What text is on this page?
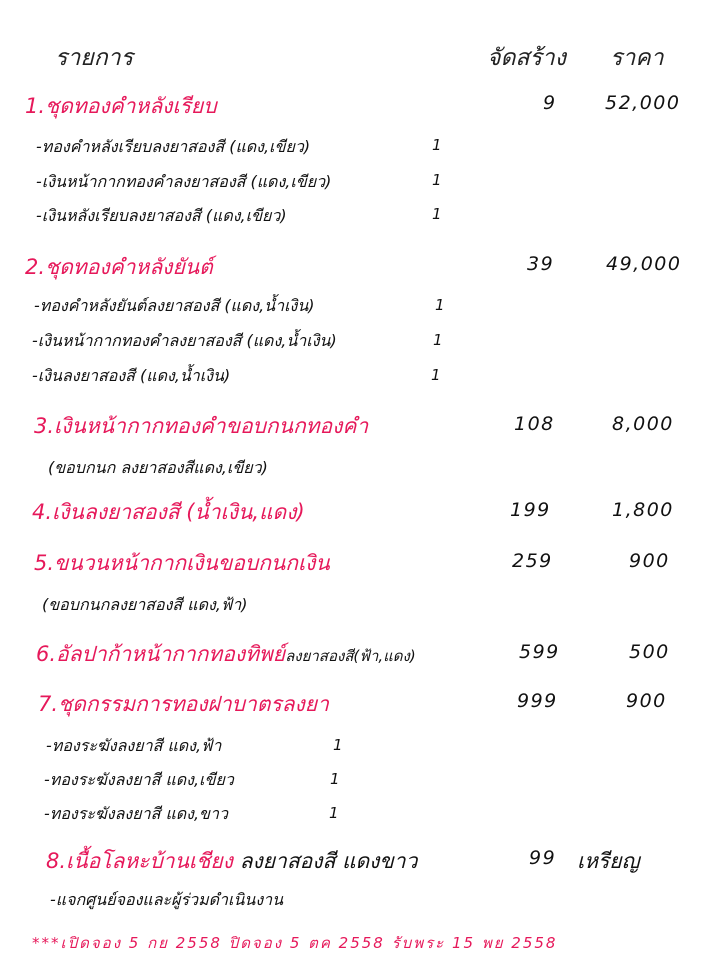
รายการ	จัดสร้าง ราคา
1.ชุดทองคำหลังเรียบ	9	52,000
-ทองคำหลังเรียบลงยาสองสี (แดง,เขียว)	1
-เงินหน้ากากทองคำลงยาสองสี (แดง,เขียว)	1
-เงินหลังเรียบลงยาสองสี (แดง,เขียว)	1
2.ชุดทองคำหลังยันต์	39	49,000
-ทองคำหลังยันต์ลงยาสองสี (แดง,น้ำเงิน)	1
-เงินหน้ากากทองคำลงยาสองสี (แดง,น้ำเงิน)	1
-เงินลงยาสองสี (แดง,น้ำเงิน)	1
3.เงินหน้ากากทองคำขอบกนกทองคำ	108	8,000
(ขอบกนก ลงยาสองสีแดง,เขียว)
4.เงินลงยาสองสี (น้ำเงิน,แดง)	199	1,800
5.ขนวนหน้ากากเงินขอบกนกเงิน	259	900
(ขอบกนกลงยาสองสี แดง,ฟ้า)
6.อัลปาก้าหน้ากากทองทิพย์ลงยาสองสี(ฟ้า,แดง)	599	500
7.ชุดกรรมการทองฝาบาตรลงยา	999	900
-ทองระฆังลงยาสี แดง,ฟ้า	1
-ทองระฆังลงยาสี แดง,เขียว	1
-ทองระฆังลงยาสี แดง,ขาว	1
8.เนื้อโลหะบ้านเชียง ลงยาสองสี แดงขาว	99 เหรียญ
-แจกศูนย์จองและผู้ร่วมดำเนินงาน
***เปิดจอง 5 กย 2558 ปิดจอง 5 ตค 2558 รับพระ 15 พย 2558
